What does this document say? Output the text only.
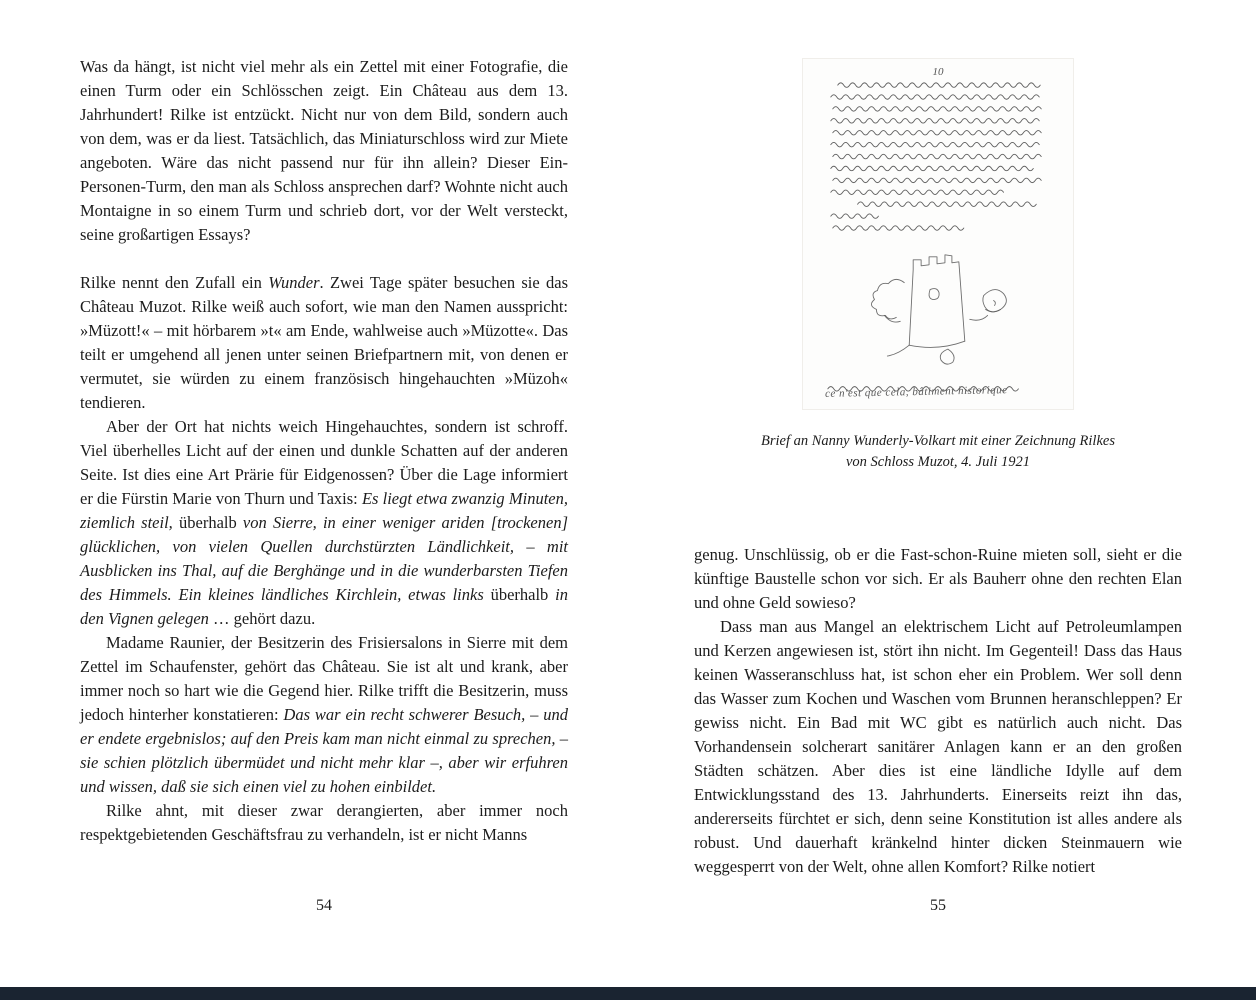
Was da hängt, ist nicht viel mehr als ein Zettel mit einer Fotografie, die einen Turm oder ein Schlösschen zeigt. Ein Château aus dem 13. Jahrhundert! Rilke ist entzückt. Nicht nur von dem Bild, sondern auch von dem, was er da liest. Tatsächlich, das Miniaturschloss wird zur Miete angeboten. Wäre das nicht passend nur für ihn allein? Dieser Ein-Personen-Turm, den man als Schloss ansprechen darf? Wohnte nicht auch Montaigne in so einem Turm und schrieb dort, vor der Welt versteckt, seine großartigen Essays?

Rilke nennt den Zufall ein Wunder. Zwei Tage später besuchen sie das Château Muzot. Rilke weiß auch sofort, wie man den Namen ausspricht: »Müzott!« – mit hörbarem »t« am Ende, wahlweise auch »Müzotte«. Das teilt er umgehend all jenen unter seinen Briefpartnern mit, von denen er vermutet, sie würden zu einem französisch hingehauchten »Müzoh« tendieren.

Aber der Ort hat nichts weich Hingehauchtes, sondern ist schroff. Viel überhelles Licht auf der einen und dunkle Schatten auf der anderen Seite. Ist dies eine Art Prärie für Eidgenossen? Über die Lage informiert er die Fürstin Marie von Thurn und Taxis: Es liegt etwa zwanzig Minuten, ziemlich steil, überhalb von Sierre, in einer weniger ariden [trockenen] glücklichen, von vielen Quellen durchstürzten Ländlichkeit, – mit Ausblicken ins Thal, auf die Berghänge und in die wunderbarsten Tiefen des Himmels. Ein kleines ländliches Kirchlein, etwas links überhalb in den Vignen gelegen … gehört dazu.

Madame Raunier, der Besitzerin des Frisiersalons in Sierre mit dem Zettel im Schaufenster, gehört das Château. Sie ist alt und krank, aber immer noch so hart wie die Gegend hier. Rilke trifft die Besitzerin, muss jedoch hinterher konstatieren: Das war ein recht schwerer Besuch, – und er endete ergebnislos; auf den Preis kam man nicht einmal zu sprechen, – sie schien plötzlich übermüdet und nicht mehr klar –, aber wir erfuhren und wissen, daß sie sich einen viel zu hohen einbildet.

Rilke ahnt, mit dieser zwar derangierten, aber immer noch respektgebietenden Geschäftsfrau zu verhandeln, ist er nicht Manns

10
ce n'est que cela, bâtiment historique
Brief an Nanny Wunderly-Volkart mit einer Zeichnung Rilkes
von Schloss Muzot, 4. Juli 1921

genug. Unschlüssig, ob er die Fast-schon-Ruine mieten soll, sieht er die künftige Baustelle schon vor sich. Er als Bauherr ohne den rechten Elan und ohne Geld sowieso?

Dass man aus Mangel an elektrischem Licht auf Petroleumlampen und Kerzen angewiesen ist, stört ihn nicht. Im Gegenteil! Dass das Haus keinen Wasseranschluss hat, ist schon eher ein Problem. Wer soll denn das Wasser zum Kochen und Waschen vom Brunnen heranschleppen? Er gewiss nicht. Ein Bad mit WC gibt es natürlich auch nicht. Das Vorhandensein solcherart sanitärer Anlagen kann er an den großen Städten schätzen. Aber dies ist eine ländliche Idylle auf dem Entwicklungsstand des 13. Jahrhunderts. Einerseits reizt ihn das, andererseits fürchtet er sich, denn seine Konstitution ist alles andere als robust. Und dauerhaft kränkelnd hinter dicken Steinmauern wie weggesperrt von der Welt, ohne allen Komfort? Rilke notiert

54	55
